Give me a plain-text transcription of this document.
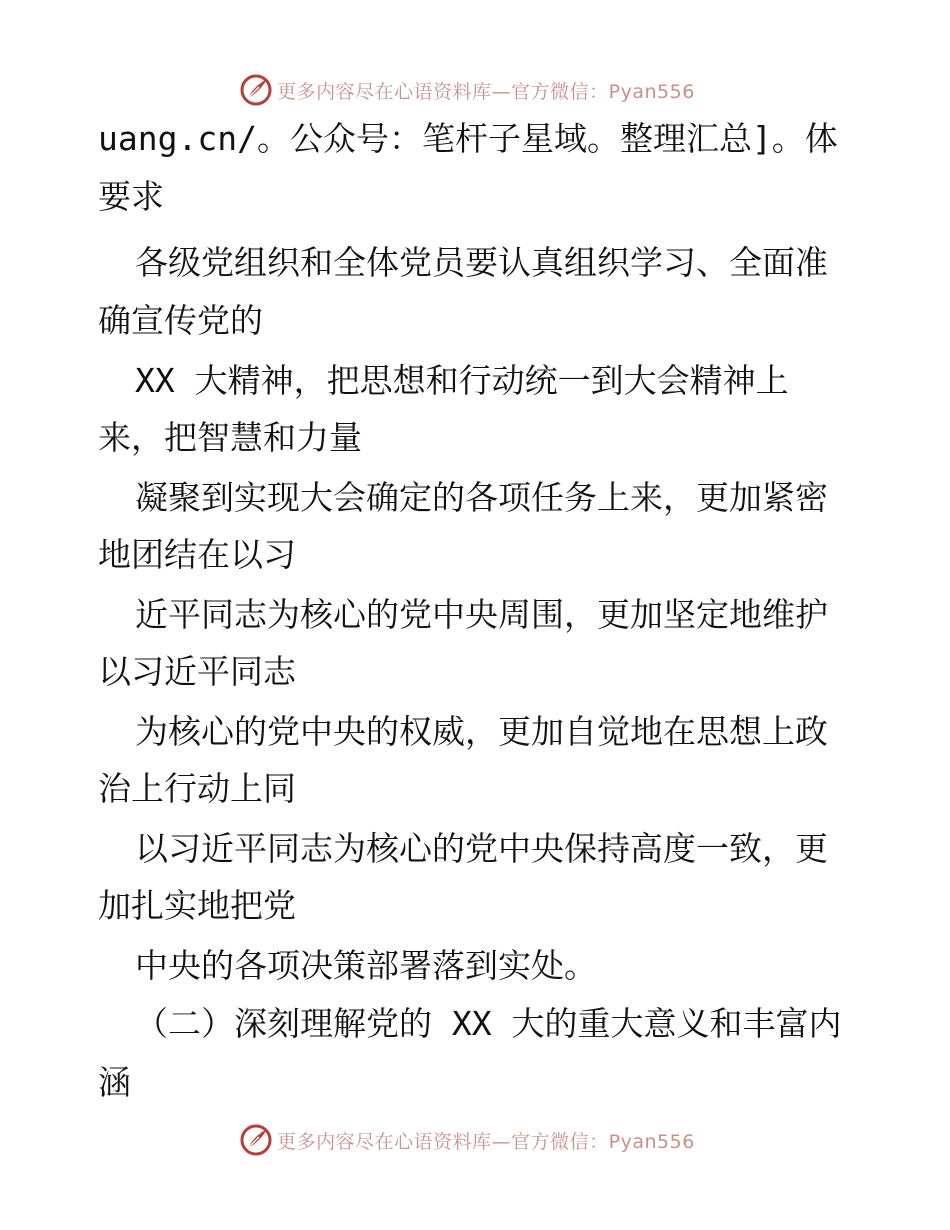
更多内容尽在心语资料库—官方微信：Pyan556
uang.cn/。公众号：笔杆子星域。整理汇总]。体
要求
各级党组织和全体党员要认真组织学习、全面准
确宣传党的
XX 大精神，把思想和行动统一到大会精神上
来，把智慧和力量
凝聚到实现大会确定的各项任务上来，更加紧密
地团结在以习
近平同志为核心的党中央周围，更加坚定地维护
以习近平同志
为核心的党中央的权威，更加自觉地在思想上政
治上行动上同
以习近平同志为核心的党中央保持高度一致，更
加扎实地把党
中央的各项决策部署落到实处。
（二）深刻理解党的 XX 大的重大意义和丰富内
涵
更多内容尽在心语资料库—官方微信：Pyan556
